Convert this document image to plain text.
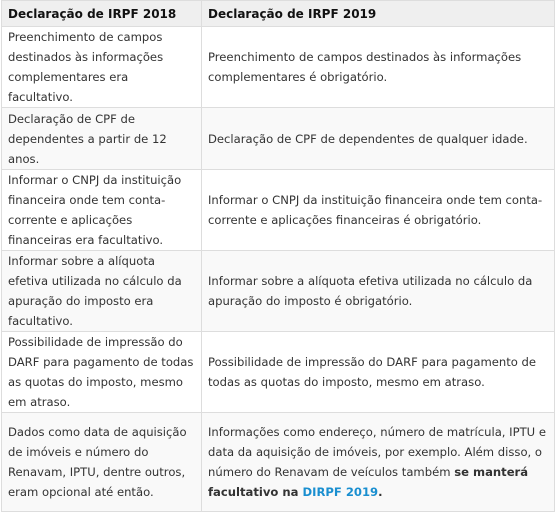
Declaração de IRPF 2018	Declaração de IRPF 2019
Preenchimento de campos destinados às informações complementares era facultativo.	Preenchimento de campos destinados às informações complementares é obrigatório.
Declaração de CPF de dependentes a partir de 12 anos.	Declaração de CPF de dependentes de qualquer idade.
Informar o CNPJ da instituição financeira onde tem conta-corrente e aplicações financeiras era facultativo.	Informar o CNPJ da instituição financeira onde tem conta-corrente e aplicações financeiras é obrigatório.
Informar sobre a alíquota efetiva utilizada no cálculo da apuração do imposto era facultativo.	Informar sobre a alíquota efetiva utilizada no cálculo da apuração do imposto é obrigatório.
Possibilidade de impressão do DARF para pagamento de todas as quotas do imposto, mesmo em atraso.	Possibilidade de impressão do DARF para pagamento de todas as quotas do imposto, mesmo em atraso.
Dados como data de aquisição de imóveis e número do Renavam, IPTU, dentre outros, eram opcional até então.	Informações como endereço, número de matrícula, IPTU e data da aquisição de imóveis, por exemplo. Além disso, o número do Renavam de veículos também se manterá facultativo na DIRPF 2019.
